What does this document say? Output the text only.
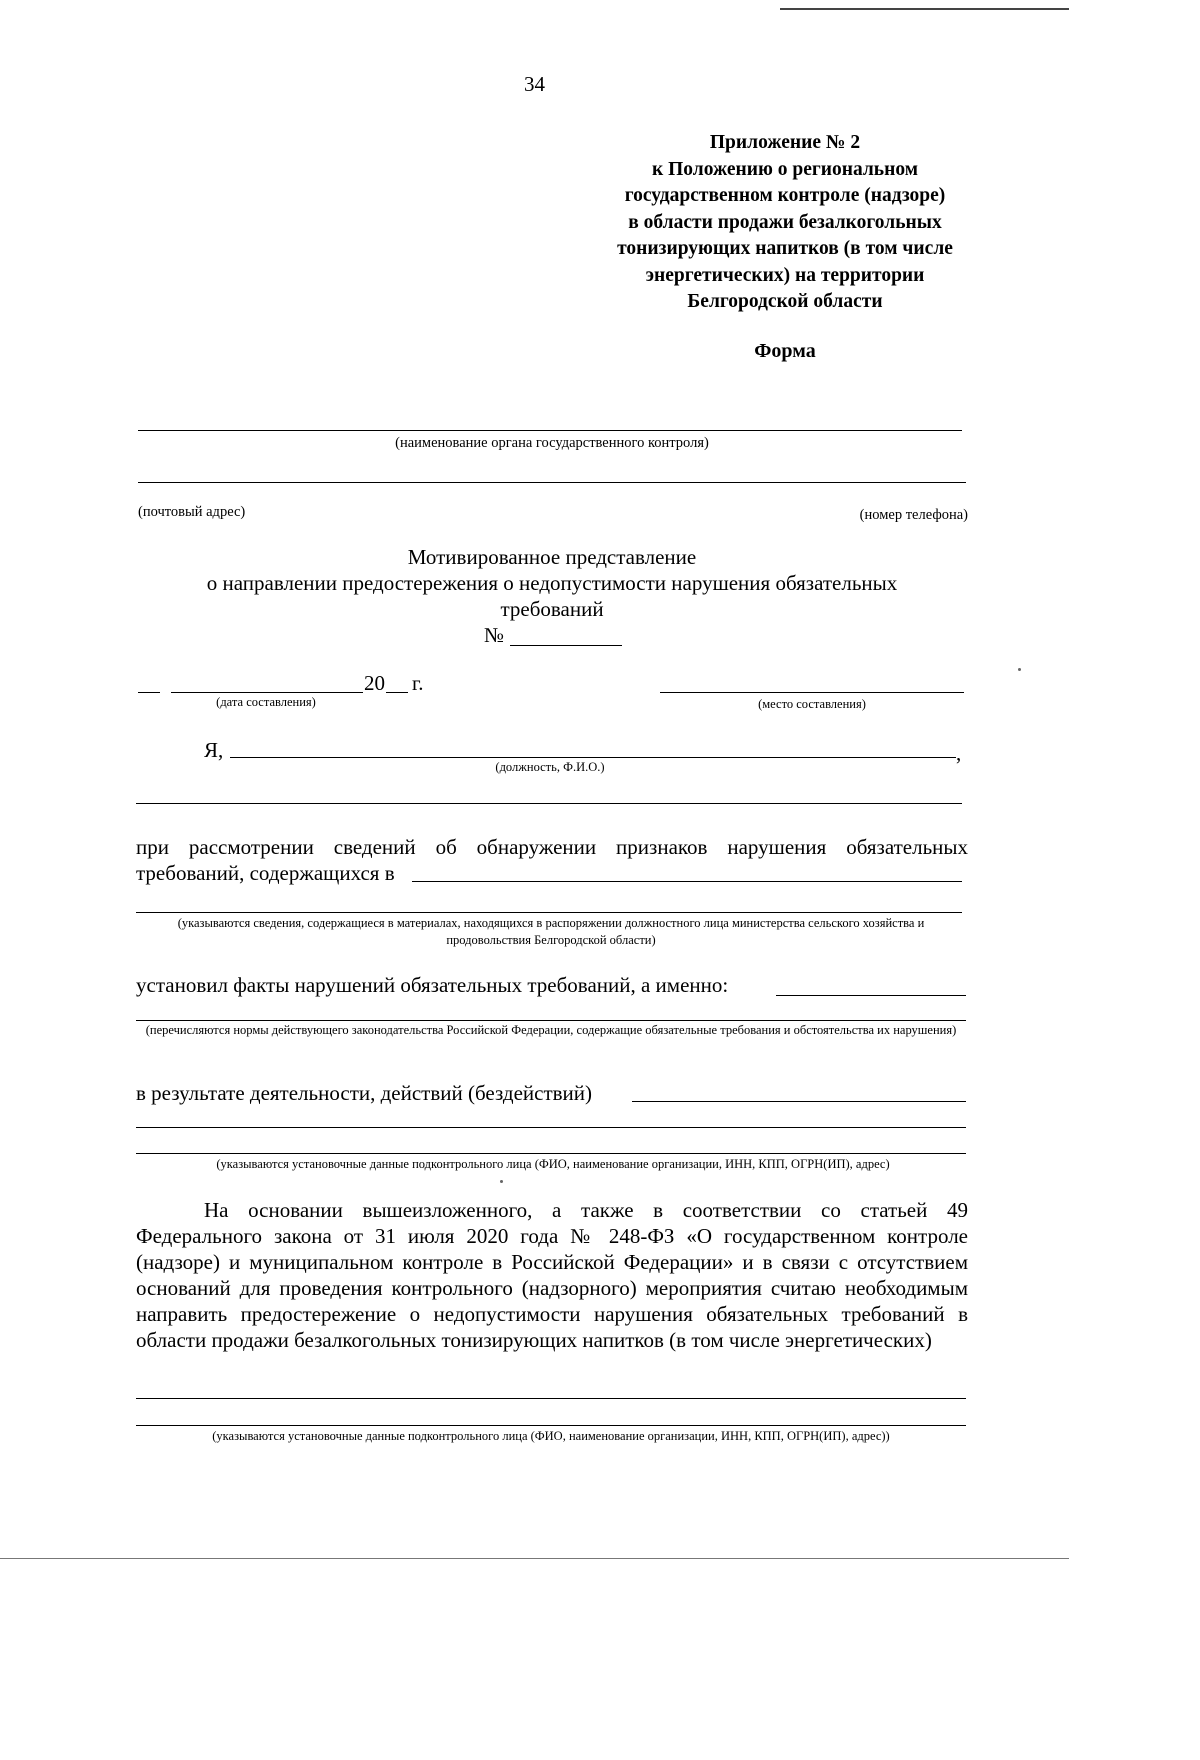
34
Приложение № 2
к Положению о региональном
государственном контроле (надзоре)
в области продажи безалкогольных
тонизирующих напитков (в том числе
энергетических) на территории
Белгородской области
Форма
(наименование органа государственного контроля)
(почтовый адрес)	(номер телефона)
Мотивированное представление
о направлении предостережения о недопустимости нарушения обязательных
требований
№
20 г.
(дата составления)	(место составления)
Я,	,
(должность, Ф.И.О.)
при рассмотрении сведений об обнаружении признаков нарушения обязательных
требований, содержащихся в
(указываются сведения, содержащиеся в материалах, находящихся в распоряжении должностного лица министерства сельского хозяйства и продовольствия Белгородской области)
установил факты нарушений обязательных требований, а именно:
(перечисляются нормы действующего законодательства Российской Федерации, содержащие обязательные требования и обстоятельства их нарушения)
в результате деятельности, действий (бездействий)
(указываются установочные данные подконтрольного лица (ФИО, наименование организации, ИНН, КПП, ОГРН(ИП), адрес)
На основании вышеизложенного, а также в соответствии со статьей 49 Федерального закона от 31 июля 2020 года № 248-ФЗ «О государственном контроле (надзоре) и муниципальном контроле в Российской Федерации» и в связи с отсутствием оснований для проведения контрольного (надзорного) мероприятия считаю необходимым направить предостережение о недопустимости нарушения обязательных требований в области продажи безалкогольных тонизирующих напитков (в том числе энергетических)
(указываются установочные данные подконтрольного лица (ФИО, наименование организации, ИНН, КПП, ОГРН(ИП), адрес))
